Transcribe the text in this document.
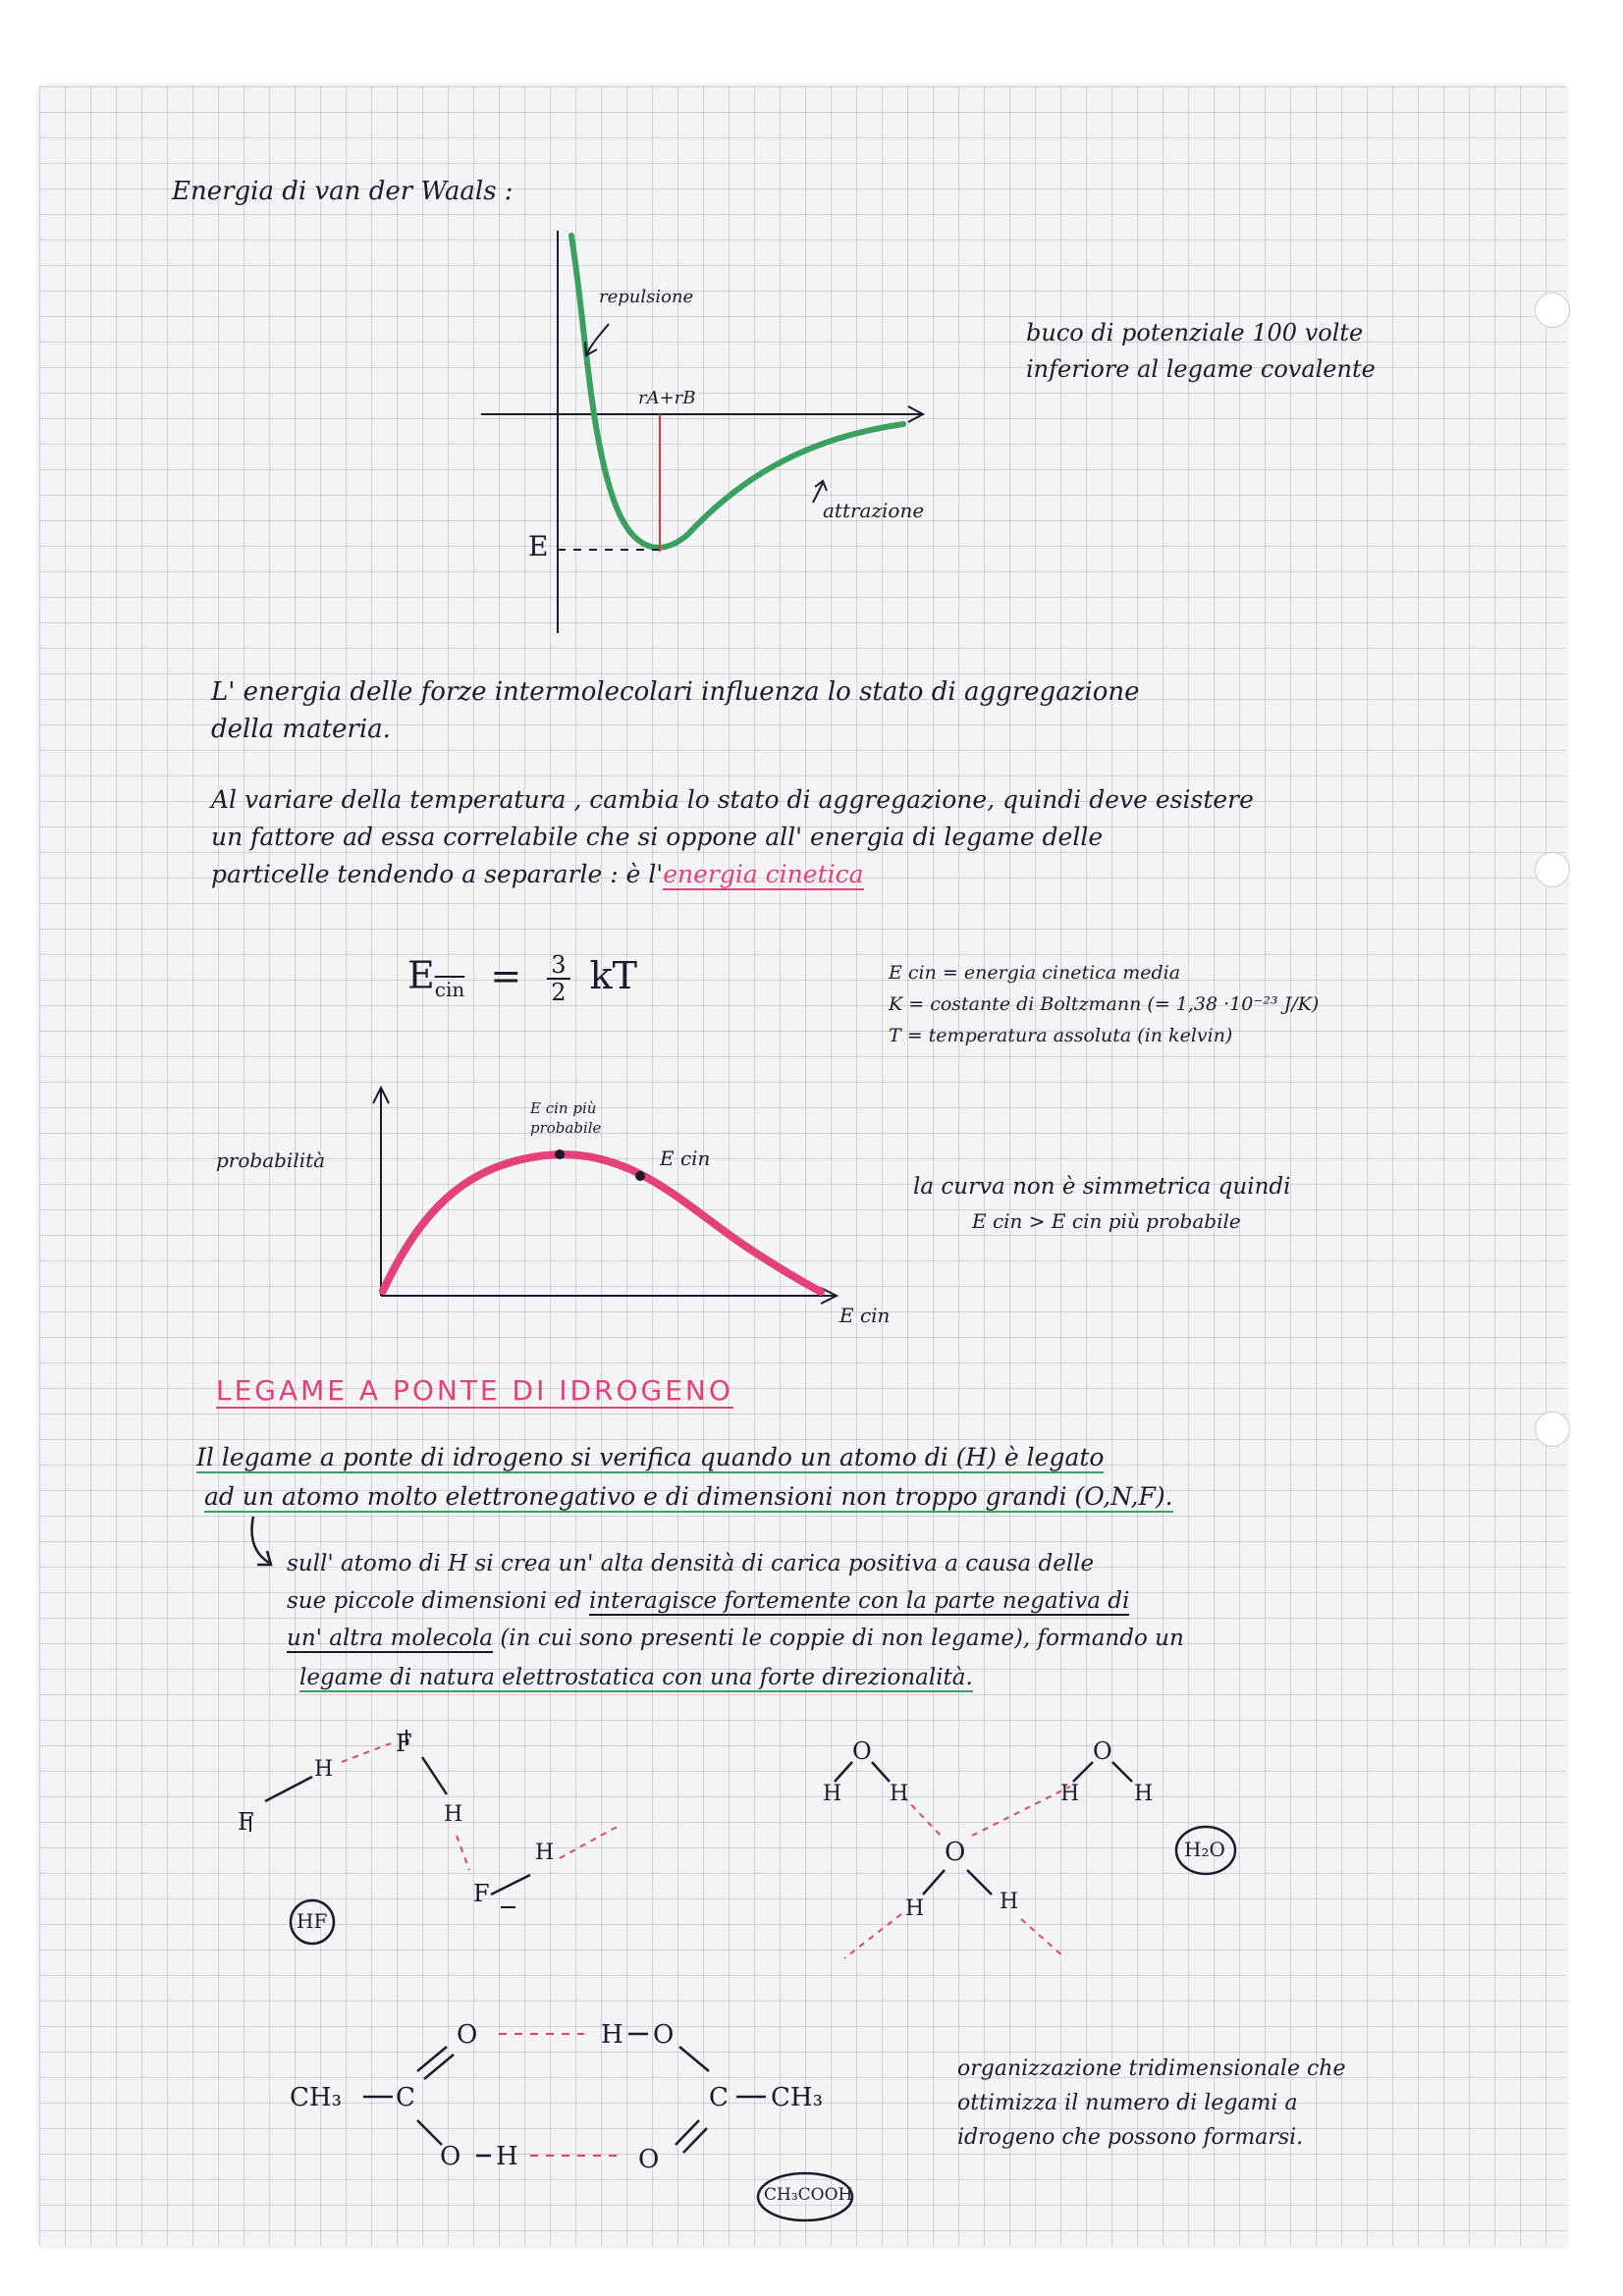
Energia di van der Waals :
repulsione
rA+rB
E
attrazione
buco di potenziale 100 volte
inferiore al legame covalente
L' energia delle forze intermolecolari influenza lo stato di aggregazione
della materia.
Al variare della temperatura , cambia lo stato di aggregazione, quindi deve esistere
un fattore ad essa correlabile che si oppone all' energia di legame delle
particelle tendendo a separarle : è l'energia cinetica
$E_{\overline{cin}} = \frac{3}{2}$ kT	E cin = energia cinetica media
K = costante di Boltzmann (= 1,38 ·10⁻²³ J/K)
T = temperatura assoluta (in kelvin)
probabilità
E cin più
probabile
E cin
E cin
la curva non è simmetrica quindi
E cin > E cin più probabile
LEGAME A PONTE DI IDROGENO
Il legame a ponte di idrogeno si verifica quando un atomo di (H) è legato
ad un atomo molto elettronegativo e di dimensioni non troppo grandi (O,N,F).
sull' atomo di H si crea un' alta densità di carica positiva a causa delle
sue piccole dimensioni ed interagisce fortemente con la parte negativa di
un' altra molecola (in cui sono presenti le coppie di non legame), formando un
legame di natura elettrostatica con una forte direzionalità.
F
H
F
H
F
H
HF
O
H H
O
H	H
O
H	H
H₂O
CH₃ C
O
O H
H O
C CH₃
O
CH₃COOH
organizzazione tridimensionale che
ottimizza il numero di legami a
idrogeno che possono formarsi.
